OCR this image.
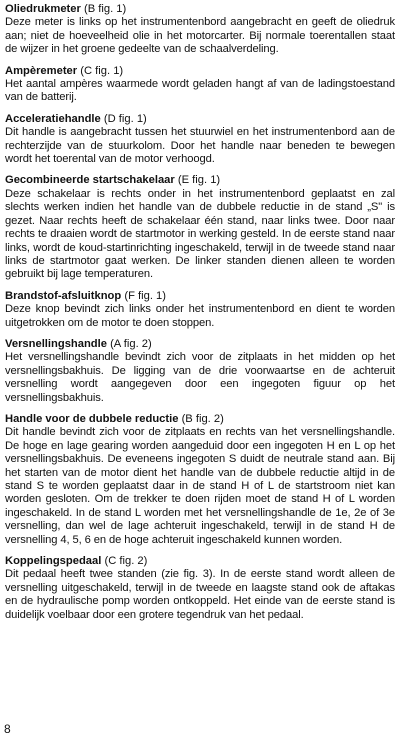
Oliedrukmeter (B fig. 1)

Deze meter is links op het instrumentenbord aangebracht en geeft de oliedruk aan; niet de hoeveelheid olie in het motorcarter. Bij normale toerentallen staat de wijzer in het groene gedeelte van de schaalverdeling.

Ampèremeter (C fig. 1)

Het aantal ampères waarmede wordt geladen hangt af van de ladingstoestand van de batterij.

Acceleratiehandle (D fig. 1)

Dit handle is aangebracht tussen het stuurwiel en het instrumentenbord aan de rechterzijde van de stuurkolom. Door het handle naar beneden te bewegen wordt het toerental van de motor verhoogd.

Gecombineerde startschakelaar (E fig. 1)

Deze schakelaar is rechts onder in het instrumentenbord geplaatst en zal slechts werken indien het handle van de dubbele reductie in de stand „S" is gezet. Naar rechts heeft de schakelaar één stand, naar links twee. Door naar rechts te draaien wordt de startmotor in werking gesteld. In de eerste stand naar links, wordt de koud-startinrichting ingeschakeld, terwijl in de tweede stand naar links de startmotor gaat werken. De linker standen dienen alleen te worden gebruikt bij lage temperaturen.

Brandstof-afsluitknop (F fig. 1)

Deze knop bevindt zich links onder het instrumentenbord en dient te worden uitgetrokken om de motor te doen stoppen.

Versnellingshandle (A fig. 2)

Het versnellingshandle bevindt zich voor de zitplaats in het midden op het versnellingsbakhuis. De ligging van de drie voorwaartse en de achteruit versnelling wordt aangegeven door een ingegoten figuur op het versnellingsbakhuis.

Handle voor de dubbele reductie (B fig. 2)

Dit handle bevindt zich voor de zitplaats en rechts van het versnellingshandle. De hoge en lage gearing worden aangeduid door een ingegoten H en L op het versnellingsbakhuis. De eveneens ingegoten S duidt de neutrale stand aan. Bij het starten van de motor dient het handle van de dubbele reductie altijd in de stand S te worden geplaatst daar in de stand H of L de startstroom niet kan worden gesloten. Om de trekker te doen rijden moet de stand H of L worden ingeschakeld. In de stand L worden met het versnellingshandle de 1e, 2e of 3e versnelling, dan wel de lage achteruit ingeschakeld, terwijl in de stand H de versnelling 4, 5, 6 en de hoge achteruit ingeschakeld kunnen worden.

Koppelingspedaal (C fig. 2)

Dit pedaal heeft twee standen (zie fig. 3). In de eerste stand wordt alleen de versnelling uitgeschakeld, terwijl in de tweede en laagste stand ook de aftakas en de hydraulische pomp worden ontkoppeld. Het einde van de eerste stand is duidelijk voelbaar door een grotere tegendruk van het pedaal.

8
